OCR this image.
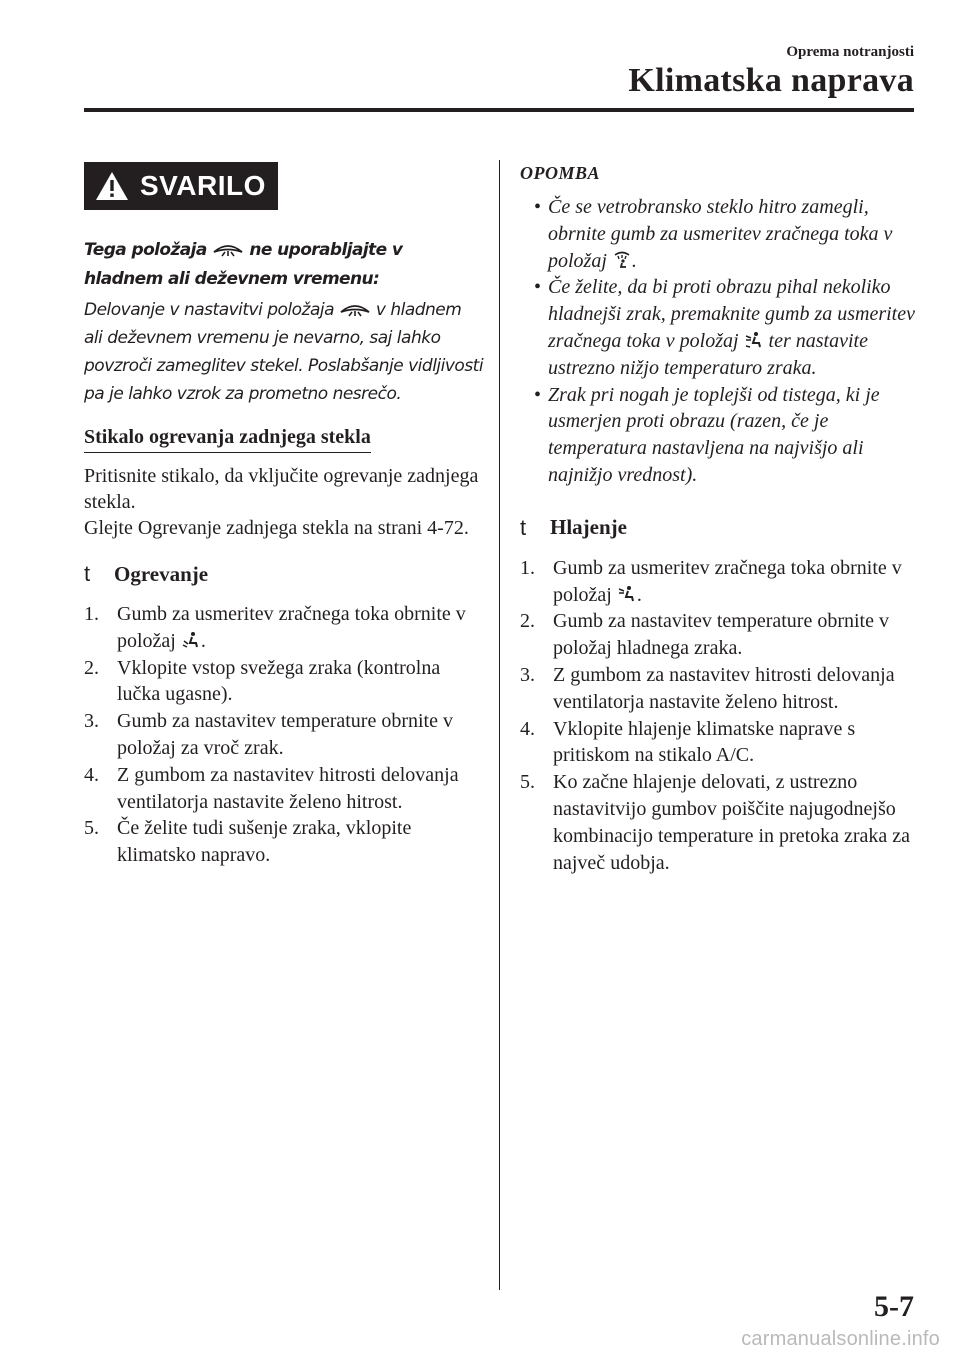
Oprema notranjosti
Klimatska naprava
SVARILO
Tega položaja	ne uporabljajte v hladnem ali deževnem vremenu:
Delovanje v nastavitvi položaja v hladnem ali deževnem vremenu je nevarno, saj lahko povzroči zameglitev stekel. Poslabšanje vidljivosti pa je lahko vzrok za prometno nesrečo.
Stikalo ogrevanja zadnjega stekla
Pritisnite stikalo, da vključite ogrevanje zadnjega stekla.
Glejte Ogrevanje zadnjega stekla na strani 4-72.
t	Ogrevanje
1. Gumb za usmeritev zračnega toka obrnite v položaj .
2. Vklopite vstop svežega zraka (kontrolna lučka ugasne).
3. Gumb za nastavitev temperature obrnite v položaj za vroč zrak.
4. Z gumbom za nastavitev hitrosti delovanja ventilatorja nastavite želeno hitrost.
5. Če želite tudi sušenje zraka, vklopite klimatsko napravo.
OPOMBA
• Če se vetrobransko steklo hitro zamegli, obrnite gumb za usmeritev zračnega toka v položaj .
• Če želite, da bi proti obrazu pihal nekoliko hladnejši zrak, premaknite gumb za usmeritev zračnega toka v položaj ter nastavite ustrezno nižjo temperaturo zraka.
• Zrak pri nogah je toplejši od tistega, ki je usmerjen proti obrazu (razen, če je temperatura nastavljena na najvišjo ali najnižjo vrednost).
t	Hlajenje
1. Gumb za usmeritev zračnega toka obrnite v položaj .
2. Gumb za nastavitev temperature obrnite v položaj hladnega zraka.
3. Z gumbom za nastavitev hitrosti delovanja ventilatorja nastavite želeno hitrost.
4. Vklopite hlajenje klimatske naprave s pritiskom na stikalo A/C.
5. Ko začne hlajenje delovati, z ustrezno nastavitvijo gumbov poiščite najugodnejšo kombinacijo temperature in pretoka zraka za največ udobja.
5-7
carmanualsonline.info
